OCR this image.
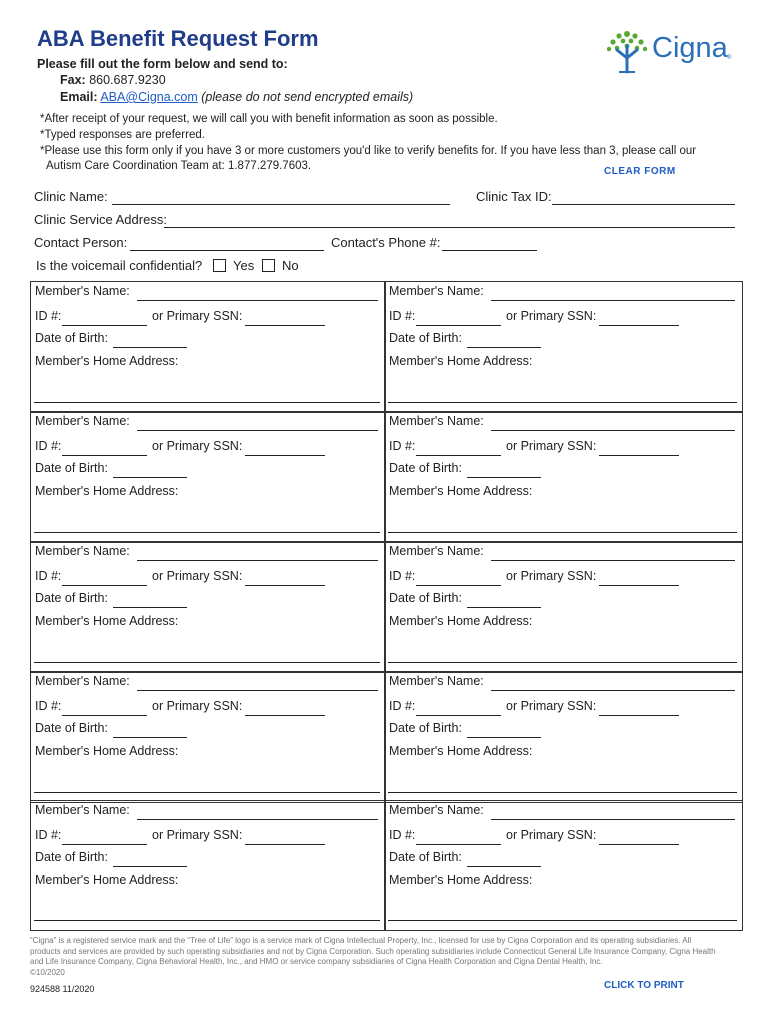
ABA Benefit Request Form	Cigna ®
Please fill out the form below and send to:
Fax: 860.687.9230
Email: ABA@Cigna.com (please do not send encrypted emails)
*After receipt of your request, we will call you with benefit information as soon as possible.
*Typed responses are preferred.
*Please use this form only if you have 3 or more customers you'd like to verify benefits for. If you have less than 3, please call our
Autism Care Coordination Team at: 1.877.279.7603.	CLEAR FORM
Clinic Name:	Clinic Tax ID:
Clinic Service Address:
Contact Person:	Contact's Phone #:
Is the voicemail confidential? Yes No
Member's Name:
ID #:	or Primary SSN:
Date of Birth:
Member's Home Address:
Member's Name:
ID #:	or Primary SSN:
Date of Birth:
Member's Home Address:
Member's Name:
ID #:	or Primary SSN:
Date of Birth:
Member's Home Address:
Member's Name:
ID #:	or Primary SSN:
Date of Birth:
Member's Home Address:
Member's Name:
ID #:	or Primary SSN:
Date of Birth:
Member's Home Address:
Member's Name:
ID #:	or Primary SSN:
Date of Birth:
Member's Home Address:
Member's Name:
ID #:	or Primary SSN:
Date of Birth:
Member's Home Address:
Member's Name:
ID #:	or Primary SSN:
Date of Birth:
Member's Home Address:
Member's Name:
ID #:	or Primary SSN:
Date of Birth:
Member's Home Address:
Member's Name:
ID #:	or Primary SSN:
Date of Birth:
Member's Home Address:
“Cigna” is a registered service mark and the “Tree of Life” logo is a service mark of Cigna Intellectual Property, Inc., licensed for use by Cigna Corporation and its operating subsidiaries. All products and services are provided by such operating subsidiaries and not by Cigna Corporation. Such operating subsidiaries include Connecticut General Life Insurance Company, Cigna Health and Life Insurance Company, Cigna Behavioral Health, Inc., and HMO or service company subsidiaries of Cigna Health Corporation and Cigna Dental Health, Inc.
©10/2020
924588 11/2020	CLICK TO PRINT
